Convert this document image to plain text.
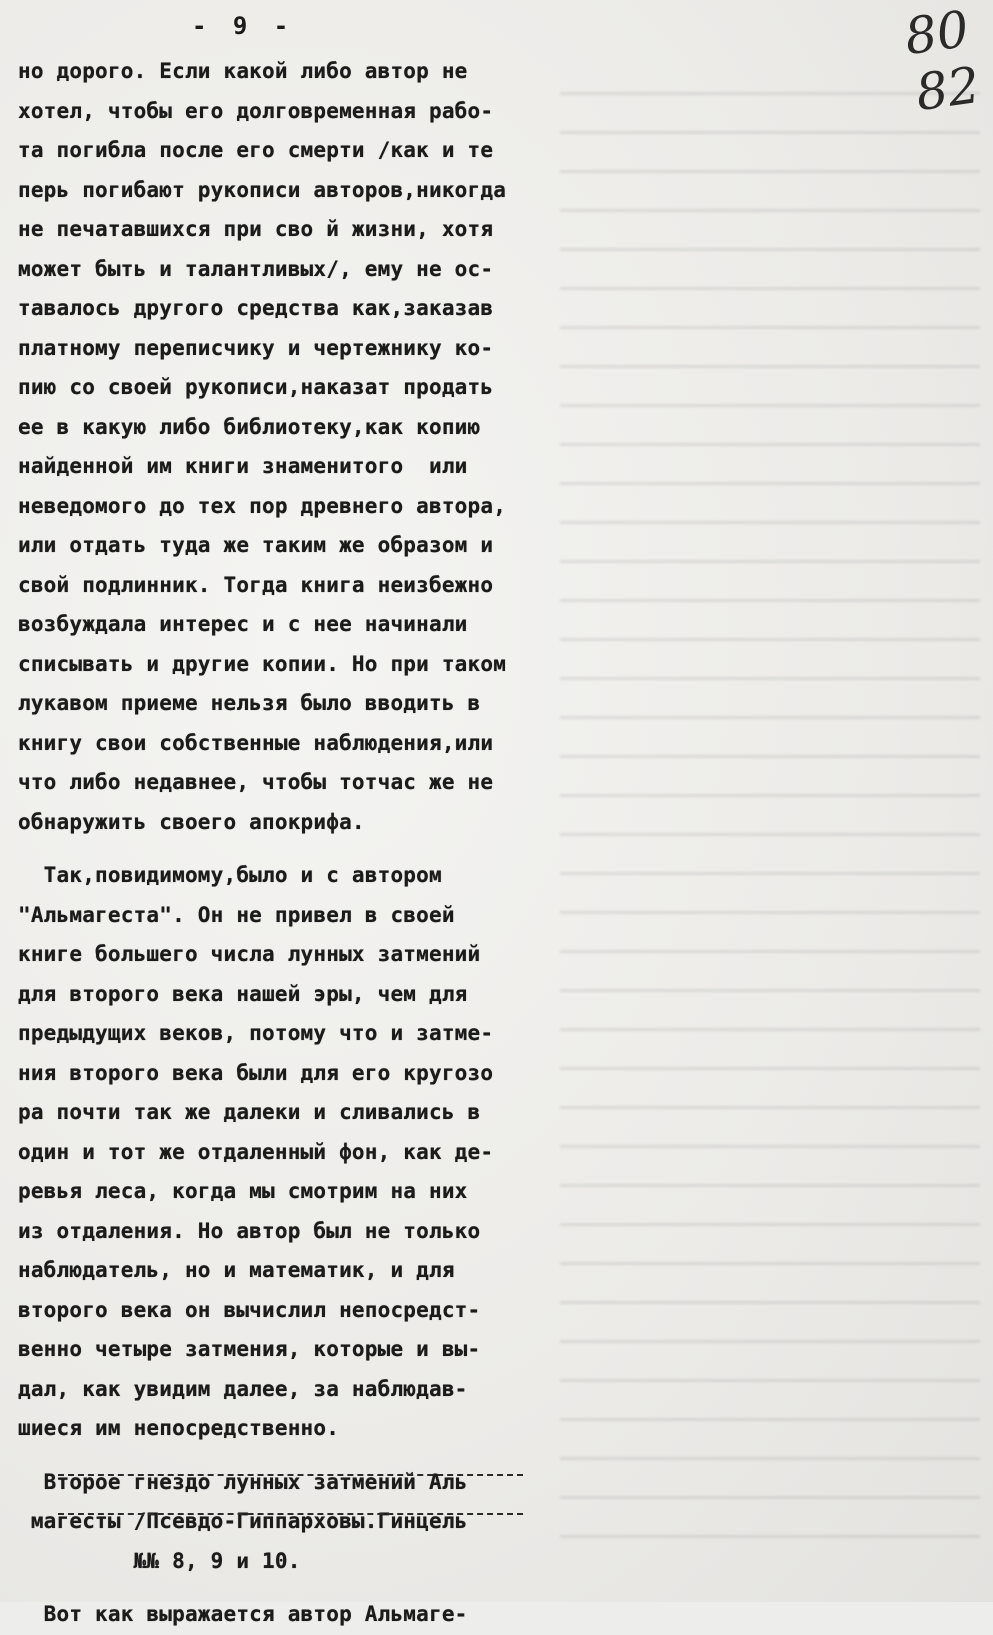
- 9 -	80
82
но дорого. Если какой либо автор не
хотел, чтобы его долговременная рабо-
та погибла после его смерти /как и те
перь погибают рукописи авторов,никогда
не печатавшихся при сво й жизни, хотя
может быть и талантливых/, ему не ос-
тавалось другого средства как,заказав
платному переписчику и чертежнику ко-
пию со своей рукописи,наказат продать
ее в какую либо библиотеку,как копию
найденной им книги знаменитого  или
неведомого до тех пор древнего автора,
или отдать туда же таким же образом и
свой подлинник. Тогда книга неизбежно
возбуждала интерес и с нее начинали
списывать и другие копии. Но при таком
лукавом приеме нельзя было вводить в
книгу свои собственные наблюдения,или
что либо недавнее, чтобы тотчас же не
обнаружить своего апокрифа.
Так,повидимому,было и с автором
"Альмагеста". Он не привел в своей
книге большего числа лунных затмений
для второго века нашей эры, чем для
предыдущих веков, потому что и затме-
ния второго века были для его кругозо
ра почти так же далеки и сливались в
один и тот же отдаленный фон, как де-
ревья леса, когда мы смотрим на них
из отдаления. Но автор был не только
наблюдатель, но и математик, и для
второго века он вычислил непосредст-
венно четыре затмения, которые и вы-
дал, как увидим далее, за наблюдав-
шиеся им непосредственно.
Второе гнездо лунных затмений Аль
магесты /Псевдо-Гиппарховы.Гинцель
№№ 8, 9 и 10.
Вот как выражается автор Альмаге-
